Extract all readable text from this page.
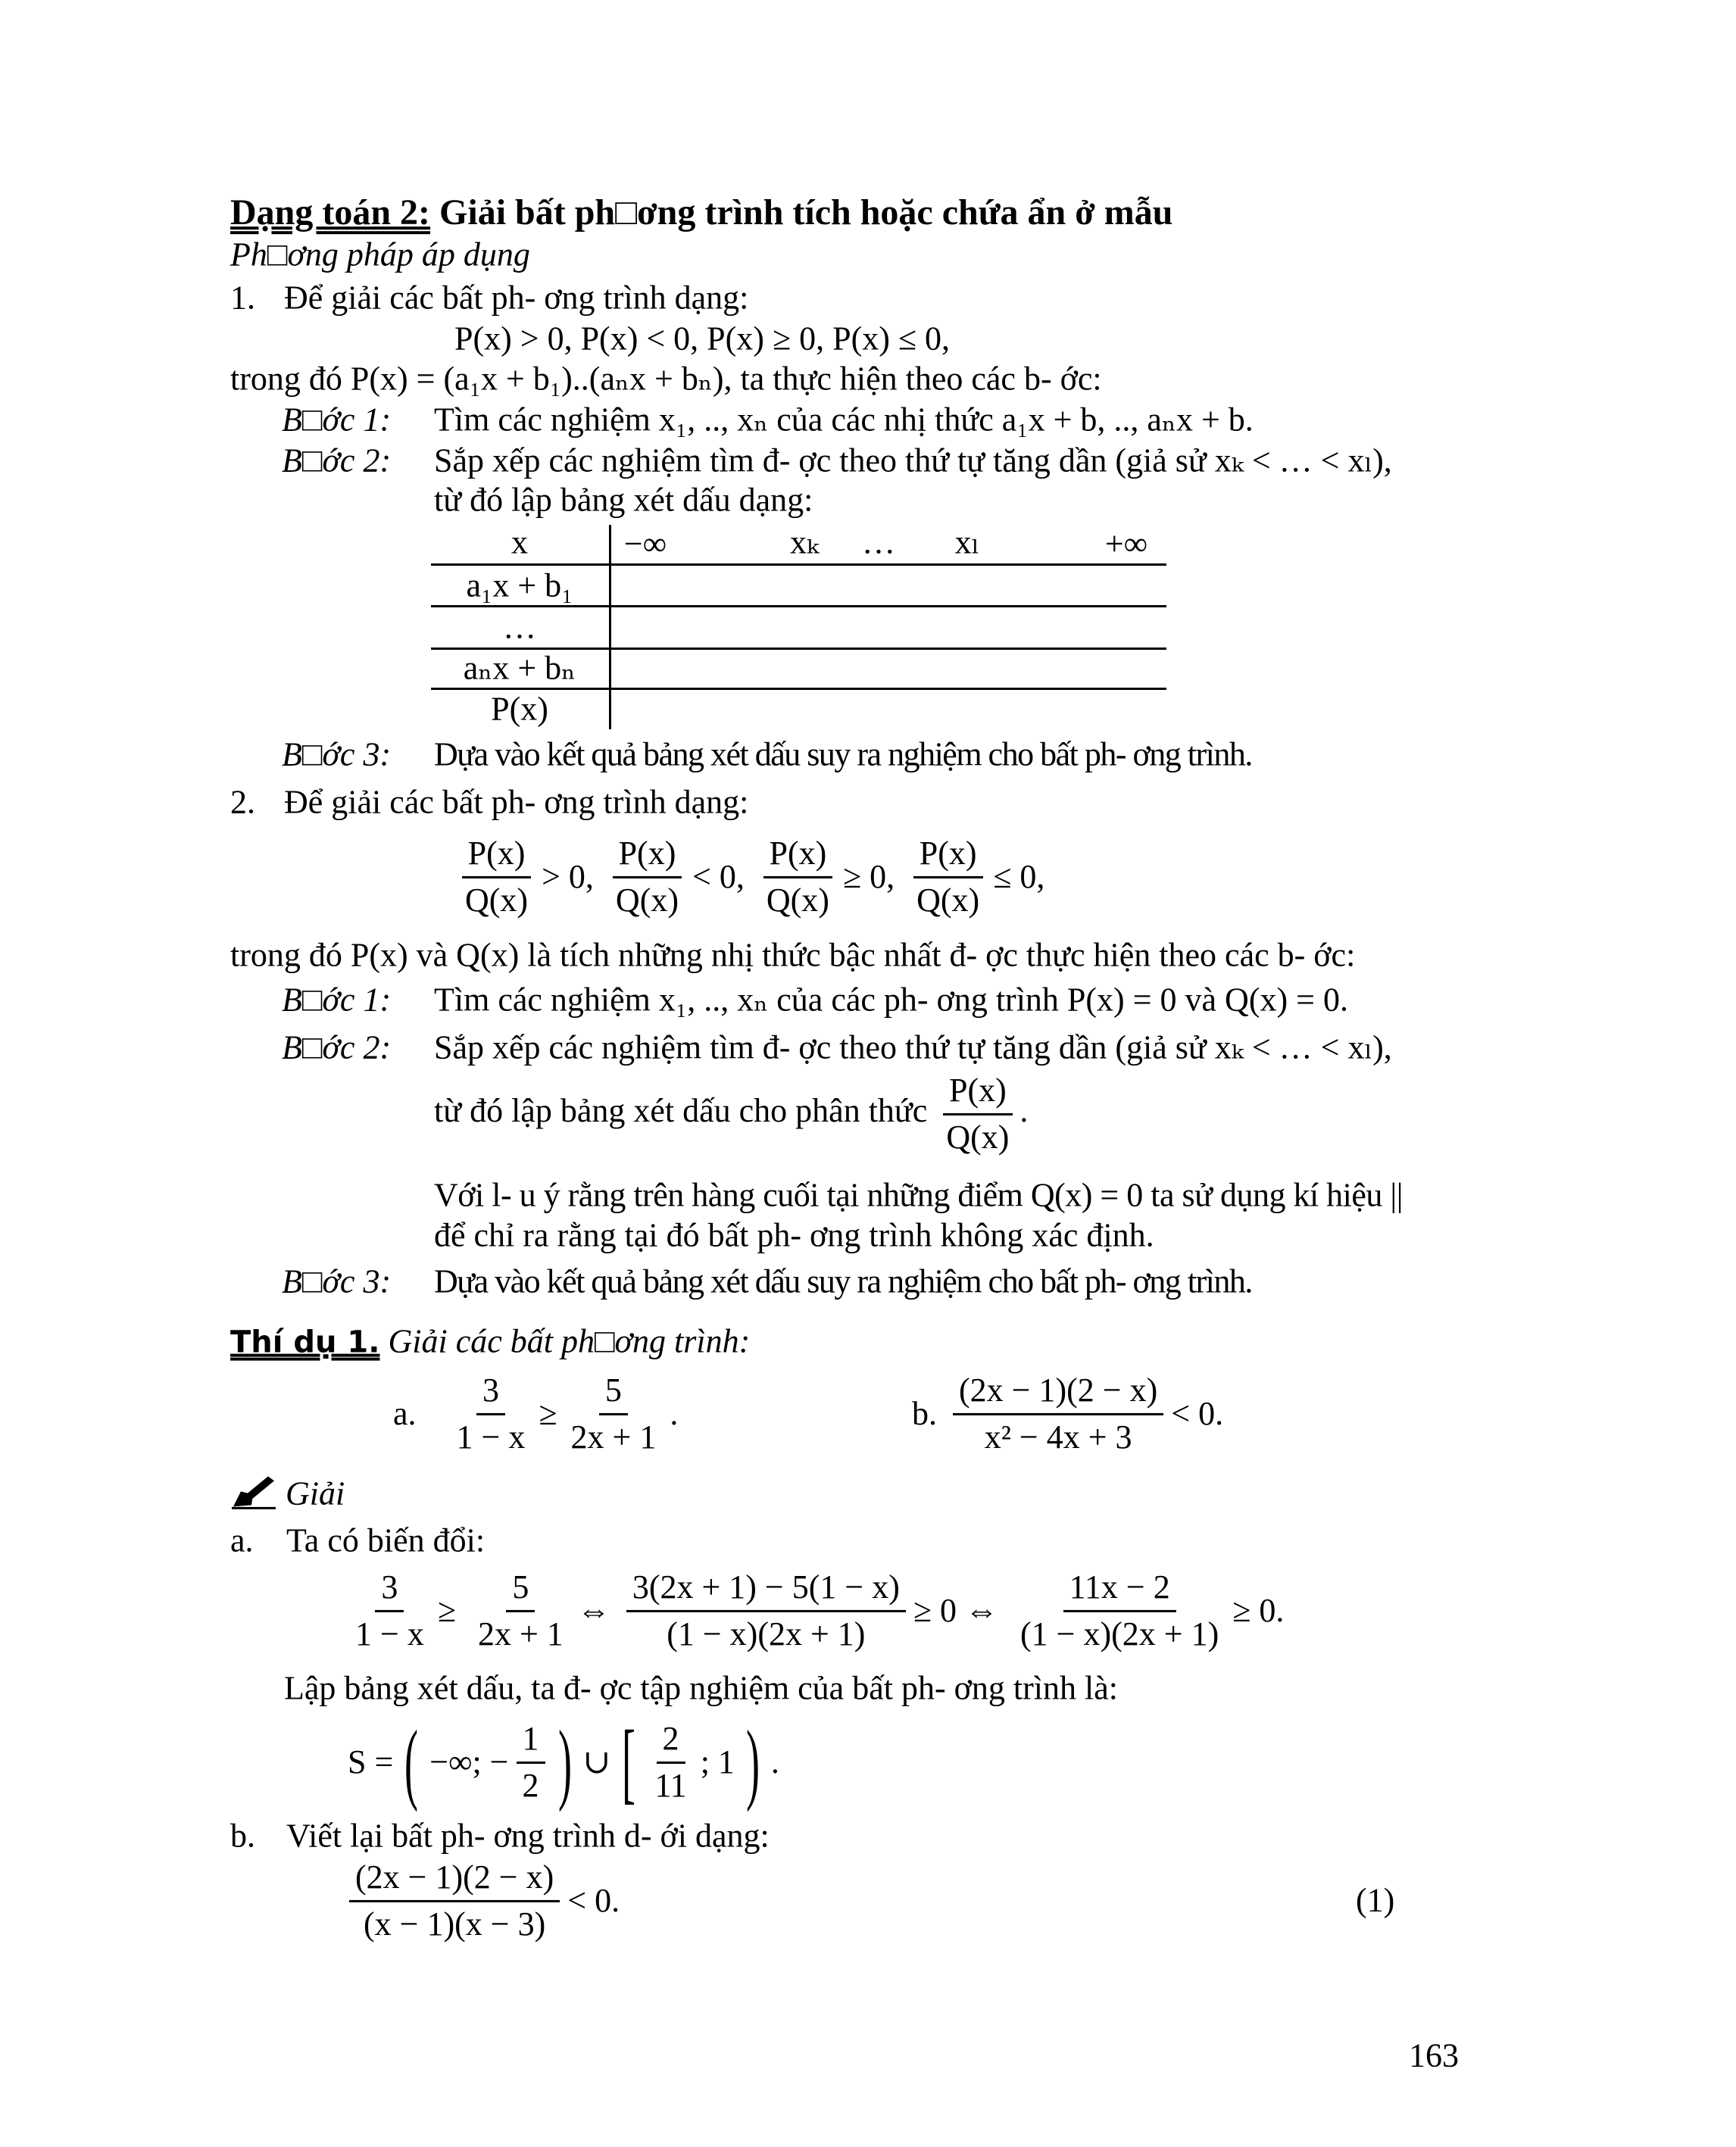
Dạng toán 2: Giải bất ph□ơng trình tích hoặc chứa ẩn ở mẫu
Ph□ơng pháp áp dụng
1. Để giải các bất ph- ơng trình dạng:
P(x) > 0, P(x) < 0, P(x) ≥ 0, P(x) ≤ 0,
trong đó P(x) = (a₁x + b₁)..(aₙx + bₙ), ta thực hiện theo các b- ớc:
B□ớc 1: Tìm các nghiệm x₁, .., xₙ của các nhị thức a₁x + b, .., aₙx + b.
B□ớc 2: Sắp xếp các nghiệm tìm đ- ợc theo thứ tự tăng dần (giả sử xₖ < … < xₗ),
từ đó lập bảng xét dấu dạng:
x	−∞	xₖ … xₗ	+∞
a₁x + b₁
…
aₙx + bₙ
P(x)
B□ớc 3: Dựa vào kết quả bảng xét dấu suy ra nghiệm cho bất ph- ơng trình.
2. Để giải các bất ph- ơng trình dạng:
$\frac{P(x)}{Q(x)} > 0$, $\frac{P(x)}{Q(x)} < 0$, $\frac{P(x)}{Q(x)} \ge 0$, $\frac{P(x)}{Q(x)} \le 0$,
trong đó P(x) và Q(x) là tích những nhị thức bậc nhất đ- ợc thực hiện theo các b- ớc:
B□ớc 1: Tìm các nghiệm x₁, .., xₙ của các ph- ơng trình P(x) = 0 và Q(x) = 0.
B□ớc 2: Sắp xếp các nghiệm tìm đ- ợc theo thứ tự tăng dần (giả sử xₖ < … < xₗ),
từ đó lập bảng xét dấu cho phân thức $\frac{P(x)}{Q(x)}$ .
Với l- u ý rằng trên hàng cuối tại những điểm Q(x) = 0 ta sử dụng kí hiệu ||
để chỉ ra rằng tại đó bất ph- ơng trình không xác định.
B□ớc 3: Dựa vào kết quả bảng xét dấu suy ra nghiệm cho bất ph- ơng trình.
Thí dụ 1. Giải các bất ph□ơng trình:
a. $\frac{3}{1 - x} \ge \frac{5}{2x + 1}$ .	b. $\frac{(2x - 1)(2 - x)}{\text{x² − 4x + 3}} < 0$.
Giải
a. Ta có biến đổi:
$\frac{3}{1 - x} \ge \frac{5}{2x + 1}$ ⇔ $\frac{3(2x + 1) - 5(1 - x)}{(1 - x)(2x + 1)} \ge 0$ ⇔ $\frac{11x - 2}{(1 - x)(2x + 1)} \ge 0$.
Lập bảng xét dấu, ta đ- ợc tập nghiệm của bất ph- ơng trình là:
S = ( −∞; − $\frac{1}{2}$ ) ∪ [ $\frac{2}{11}$ ; 1 ) .
b. Viết lại bất ph- ơng trình d- ới dạng:
$\frac{(2x - 1)(2 - x)}{(x - 1)(x - 3)} < 0$.	(1)
163
